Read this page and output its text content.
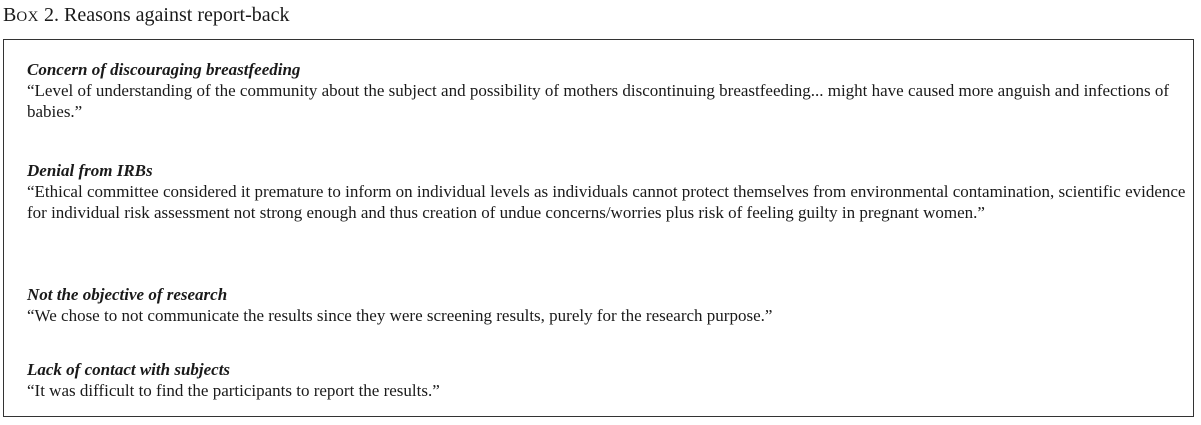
BOX 2. Reasons against report-back
Concern of discouraging breastfeeding
“Level of understanding of the community about the subject and possibility of mothers discontinuing breastfeeding... might have caused more anguish and infections of babies.”
Denial from IRBs
“Ethical committee considered it premature to inform on individual levels as individuals cannot protect themselves from environmental contamination, scientific evidence for individual risk assessment not strong enough and thus creation of undue concerns/worries plus risk of feeling guilty in pregnant women.”
Not the objective of research
“We chose to not communicate the results since they were screening results, purely for the research purpose.”
Lack of contact with subjects
“It was difficult to find the participants to report the results.”
